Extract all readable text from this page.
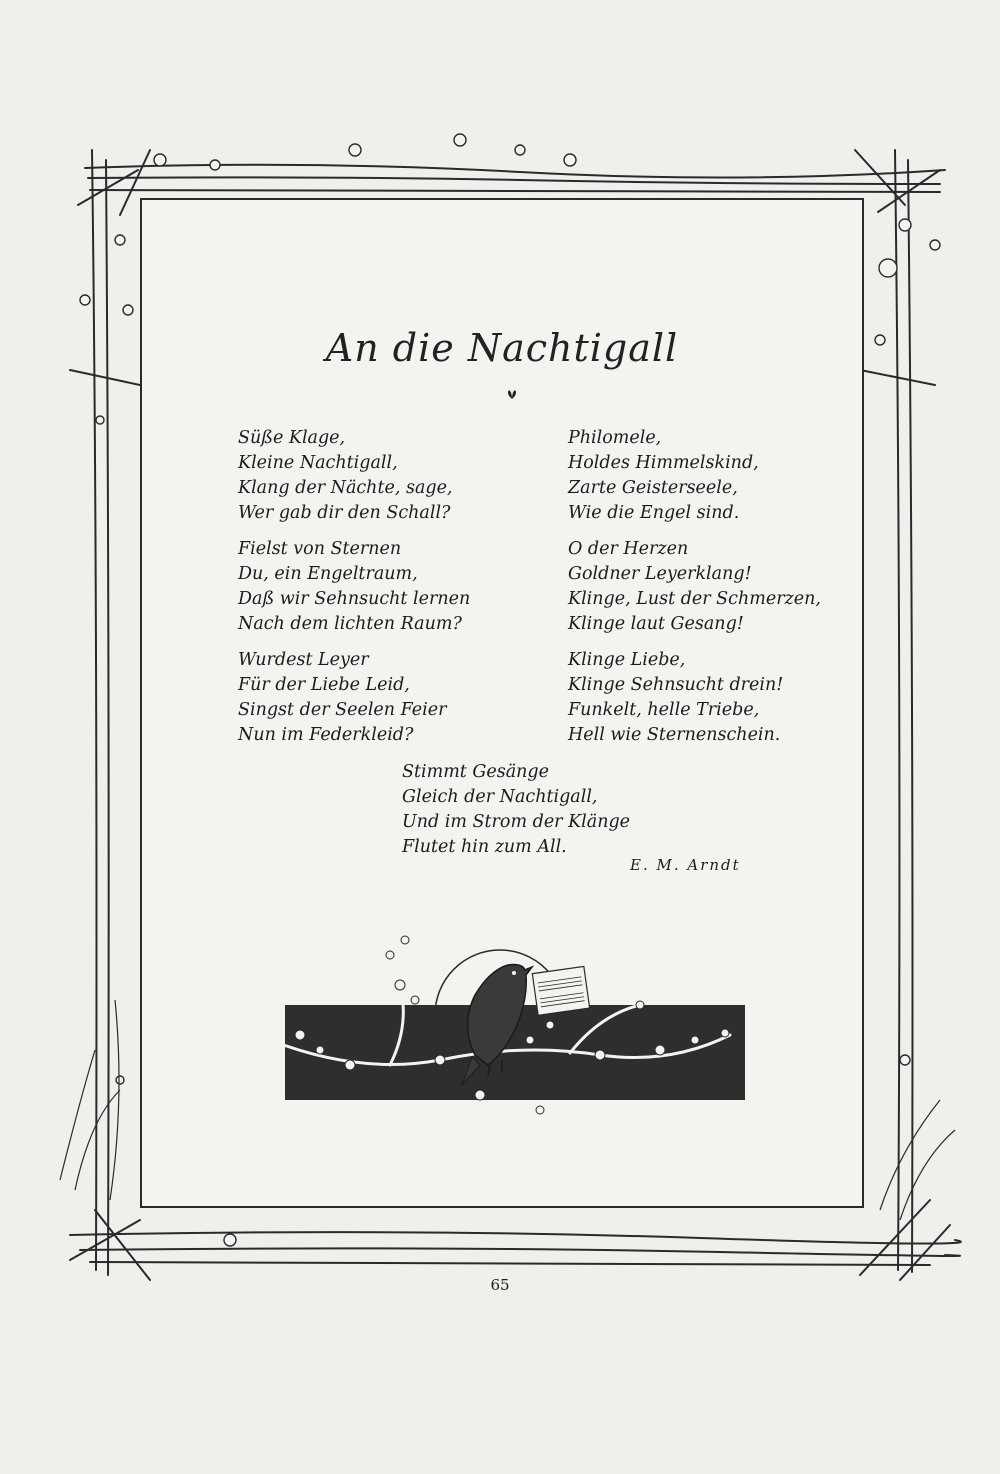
An die Nachtigall
Süße Klage,
Kleine Nachtigall,
Klang der Nächte, sage,
Wer gab dir den Schall?
Fielst von Sternen
Du, ein Engeltraum,
Daß wir Sehnsucht lernen
Nach dem lichten Raum?
Wurdest Leyer
Für der Liebe Leid,
Singst der Seelen Feier
Nun im Federkleid?
Philomele,
Holdes Himmelskind,
Zarte Geisterseele,
Wie die Engel sind.
O der Herzen
Goldner Leyerklang!
Klinge, Lust der Schmerzen,
Klinge laut Gesang!
Klinge Liebe,
Klinge Sehnsucht drein!
Funkelt, helle Triebe,
Hell wie Sternenschein.
Stimmt Gesänge
Gleich der Nachtigall,
Und im Strom der Klänge
Flutet hin zum All.
E. M. Arndt
65
